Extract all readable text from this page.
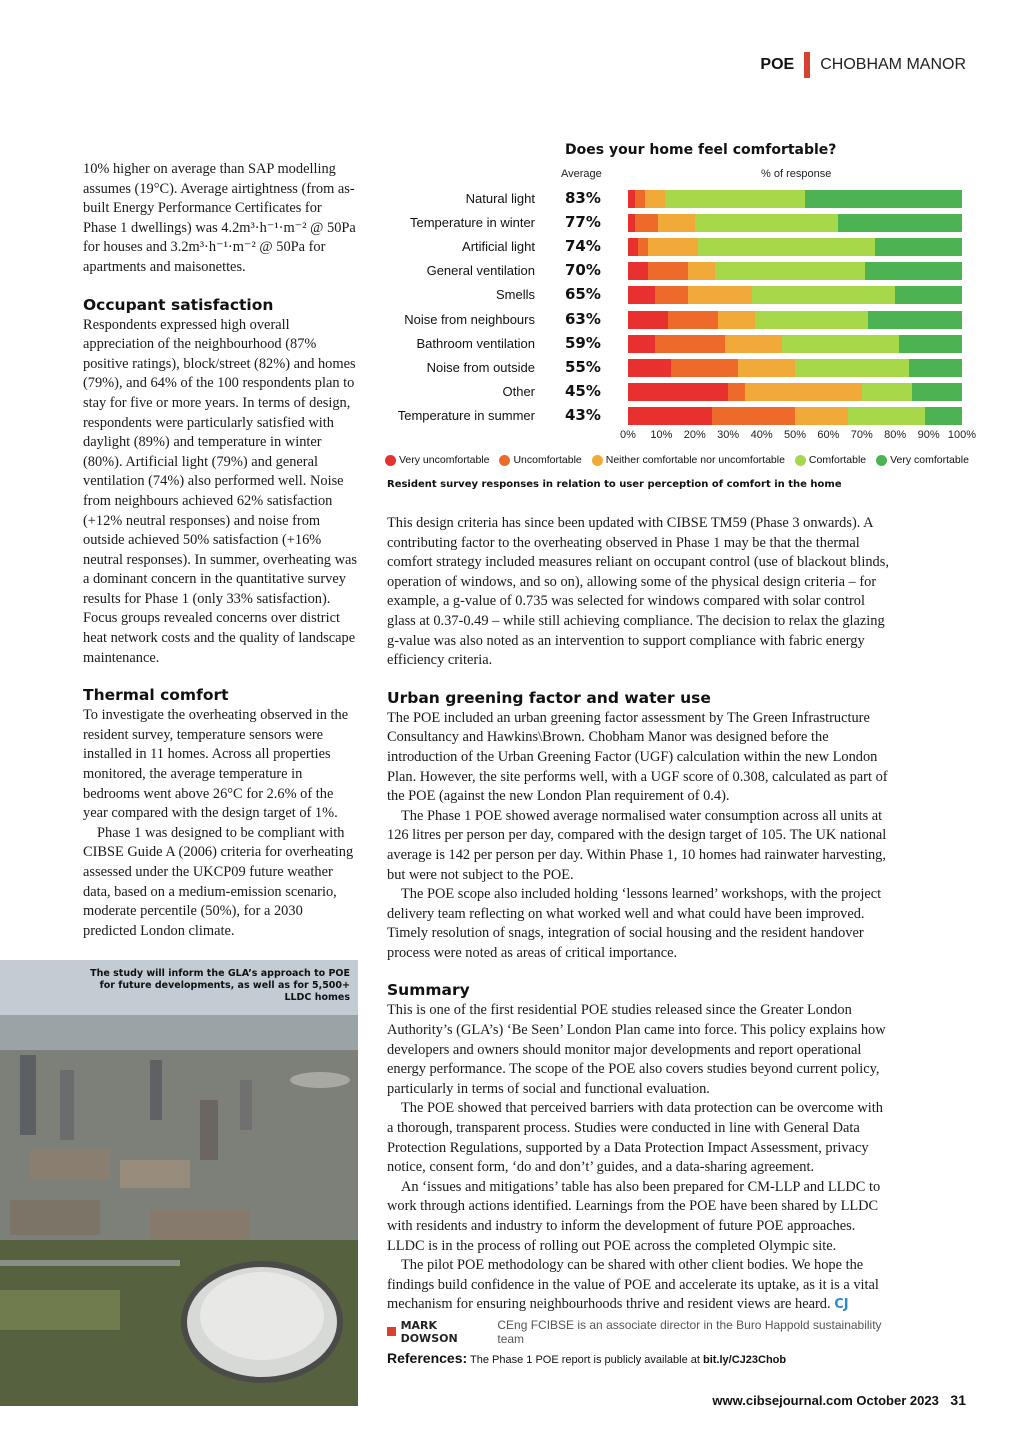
POE CHOBHAM MANOR

10% higher on average than SAP modelling assumes (19°C). Average airtightness (from as-built Energy Performance Certificates for Phase 1 dwellings) was 4.2m³·h⁻¹·m⁻² @ 50Pa for houses and 3.2m³·h⁻¹·m⁻² @ 50Pa for apartments and maisonettes.

Occupant satisfaction

Respondents expressed high overall appreciation of the neighbourhood (87% positive ratings), block/street (82%) and homes (79%), and 64% of the 100 respondents plan to stay for five or more years. In terms of design, respondents were particularly satisfied with daylight (89%) and temperature in winter (80%). Artificial light (79%) and general ventilation (74%) also performed well. Noise from neighbours achieved 62% satisfaction (+12% neutral responses) and noise from outside achieved 50% satisfaction (+16% neutral responses). In summer, overheating was a dominant concern in the quantitative survey results for Phase 1 (only 33% satisfaction). Focus groups revealed concerns over district heat network costs and the quality of landscape maintenance.

Thermal comfort

To investigate the overheating observed in the resident survey, temperature sensors were installed in 11 homes. Across all properties monitored, the average temperature in bedrooms went above 26°C for 2.6% of the year compared with the design target of 1%.

Phase 1 was designed to be compliant with CIBSE Guide A (2006) criteria for overheating assessed under the UKCP09 future weather data, based on a medium-emission scenario, moderate percentile (50%), for a 2030 predicted London climate.

The study will inform the GLA’s approach to POE for future developments, as well as for 5,500+ LLDC homes
Does your home feel comfortable?
Average	% of response
Natural light 83%
Temperature in winter 77%
Artificial light 74%
General ventilation 70%
Smells 65%
Noise from neighbours 63%
Bathroom ventilation 59%
Noise from outside 55%
Other 45%
Temperature in summer 43%
0% 10% 20% 30% 40% 50% 60% 70% 80% 90% 100%
Very uncomfortable Uncomfortable Neither comfortable nor uncomfortable Comfortable Very comfortable
Resident survey responses in relation to user perception of comfort in the home

This design criteria has since been updated with CIBSE TM59 (Phase 3 onwards). A contributing factor to the overheating observed in Phase 1 may be that the thermal comfort strategy included measures reliant on occupant control (use of blackout blinds, operation of windows, and so on), allowing some of the physical design criteria – for example, a g-value of 0.735 was selected for windows compared with solar control glass at 0.37-0.49 – while still achieving compliance. The decision to relax the glazing g-value was also noted as an intervention to support compliance with fabric energy efficiency criteria.

Urban greening factor and water use

The POE included an urban greening factor assessment by The Green Infrastructure Consultancy and Hawkins\Brown. Chobham Manor was designed before the introduction of the Urban Greening Factor (UGF) calculation within the new London Plan. However, the site performs well, with a UGF score of 0.308, calculated as part of the POE (against the new London Plan requirement of 0.4).

The Phase 1 POE showed average normalised water consumption across all units at 126 litres per person per day, compared with the design target of 105. The UK national average is 142 per person per day. Within Phase 1, 10 homes had rainwater harvesting, but were not subject to the POE.

The POE scope also included holding ‘lessons learned’ workshops, with the project delivery team reflecting on what worked well and what could have been improved. Timely resolution of snags, integration of social housing and the resident handover process were noted as areas of critical importance.

Summary

This is one of the first residential POE studies released since the Greater London Authority’s (GLA’s) ‘Be Seen’ London Plan came into force. This policy explains how developers and owners should monitor major developments and report operational energy performance. The scope of the POE also covers studies beyond current policy, particularly in terms of social and functional evaluation.

The POE showed that perceived barriers with data protection can be overcome with a thorough, transparent process. Studies were conducted in line with General Data Protection Regulations, supported by a Data Protection Impact Assessment, privacy notice, consent form, ‘do and don’t’ guides, and a data-sharing agreement.

An ‘issues and mitigations’ table has also been prepared for CM-LLP and LLDC to work through actions identified. Learnings from the POE have been shared by LLDC with residents and industry to inform the development of future POE approaches. LLDC is in the process of rolling out POE across the completed Olympic site.

The pilot POE methodology can be shared with other client bodies. We hope the findings build confidence in the value of POE and accelerate its uptake, as it is a vital mechanism for ensuring neighbourhoods thrive and resident views are heard. CJ

MARK DOWSON
CEng FCIBSE is an associate director in the Buro Happold sustainability team
References: The Phase 1 POE report is publicly available at bit.ly/CJ23Chob
www.cibsejournal.com October 2023 31
